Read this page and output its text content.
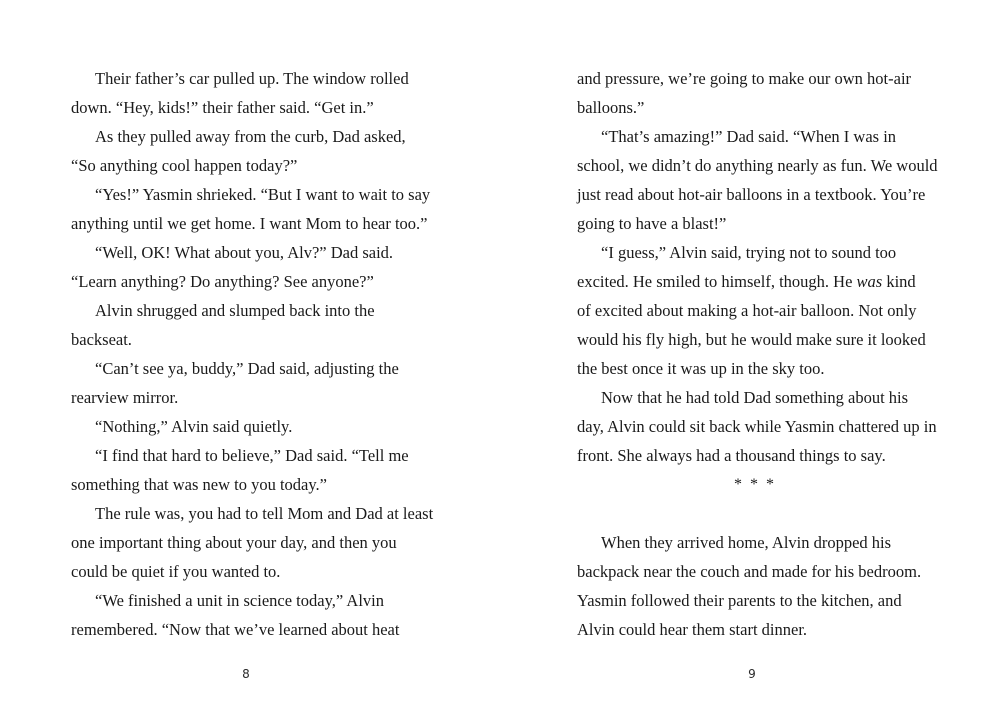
Their father’s car pulled up. The window rolled
down. “Hey, kids!” their father said. “Get in.”
As they pulled away from the curb, Dad asked,
“So anything cool happen today?”
“Yes!” Yasmin shrieked. “But I want to wait to say
anything until we get home. I want Mom to hear too.”
“Well, OK! What about you, Alv?” Dad said.
“Learn anything? Do anything? See anyone?”
Alvin shrugged and slumped back into the
backseat.
“Can’t see ya, buddy,” Dad said, adjusting the
rearview mirror.
“Nothing,” Alvin said quietly.
“I find that hard to believe,” Dad said. “Tell me
something that was new to you today.”
The rule was, you had to tell Mom and Dad at least
one important thing about your day, and then you
could be quiet if you wanted to.
“We finished a unit in science today,” Alvin
remembered. “Now that we’ve learned about heat
8
and pressure, we’re going to make our own hot-air
balloons.”
“That’s amazing!” Dad said. “When I was in
school, we didn’t do anything nearly as fun. We would
just read about hot-air balloons in a textbook. You’re
going to have a blast!”
“I guess,” Alvin said, trying not to sound too
excited. He smiled to himself, though. He was kind
of excited about making a hot-air balloon. Not only
would his fly high, but he would make sure it looked
the best once it was up in the sky too.
Now that he had told Dad something about his
day, Alvin could sit back while Yasmin chattered up in
front. She always had a thousand things to say.
* * *
When they arrived home, Alvin dropped his
backpack near the couch and made for his bedroom.
Yasmin followed their parents to the kitchen, and
Alvin could hear them start dinner.
9
